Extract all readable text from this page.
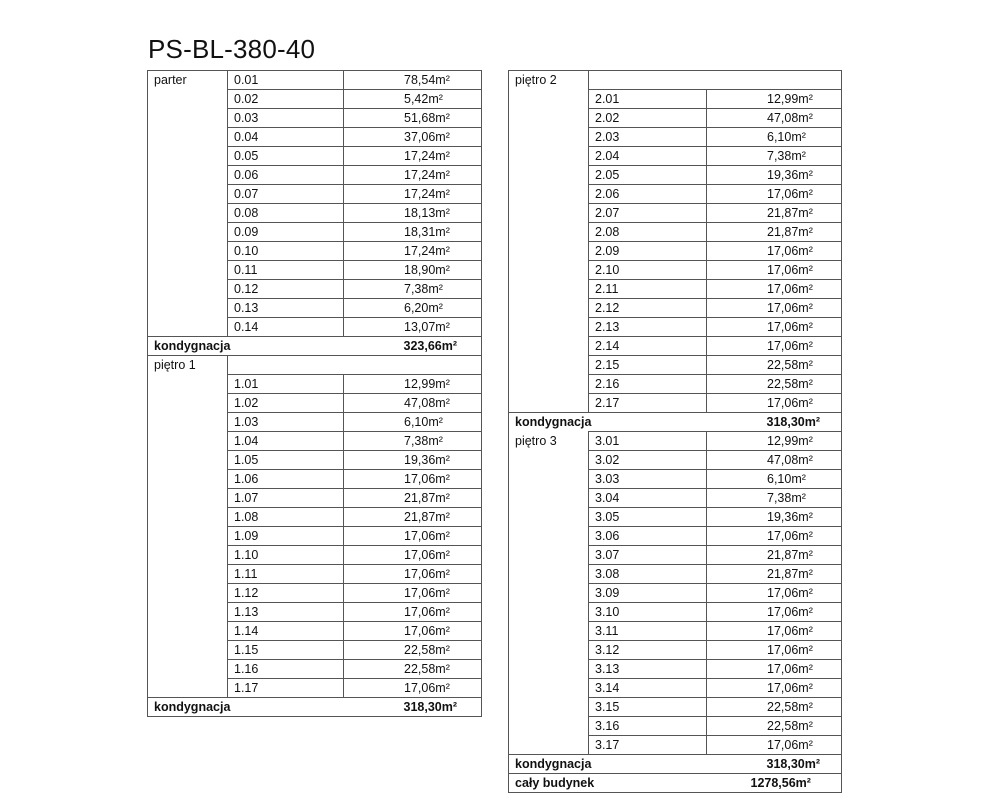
PS-BL-380-40
parter	0.01	78,54m²
	0.02	5,42m²
	0.03	51,68m²
	0.04	37,06m²
	0.05	17,24m²
	0.06	17,24m²
	0.07	17,24m²
	0.08	18,13m²
	0.09	18,31m²
	0.10	17,24m²
	0.11	18,90m²
	0.12	7,38m²
	0.13	6,20m²
	0.14	13,07m²
kondygnacja		323,66m²
piętro 1		
	1.01	12,99m²
	1.02	47,08m²
	1.03	6,10m²
	1.04	7,38m²
	1.05	19,36m²
	1.06	17,06m²
	1.07	21,87m²
	1.08	21,87m²
	1.09	17,06m²
	1.10	17,06m²
	1.11	17,06m²
	1.12	17,06m²
	1.13	17,06m²
	1.14	17,06m²
	1.15	22,58m²
	1.16	22,58m²
	1.17	17,06m²
kondygnacja		318,30m²
piętro 2		
	2.01	12,99m²
	2.02	47,08m²
	2.03	6,10m²
	2.04	7,38m²
	2.05	19,36m²
	2.06	17,06m²
	2.07	21,87m²
	2.08	21,87m²
	2.09	17,06m²
	2.10	17,06m²
	2.11	17,06m²
	2.12	17,06m²
	2.13	17,06m²
	2.14	17,06m²
	2.15	22,58m²
	2.16	22,58m²
	2.17	17,06m²
kondygnacja		318,30m²
piętro 3	3.01	12,99m²
	3.02	47,08m²
	3.03	6,10m²
	3.04	7,38m²
	3.05	19,36m²
	3.06	17,06m²
	3.07	21,87m²
	3.08	21,87m²
	3.09	17,06m²
	3.10	17,06m²
	3.11	17,06m²
	3.12	17,06m²
	3.13	17,06m²
	3.14	17,06m²
	3.15	22,58m²
	3.16	22,58m²
	3.17	17,06m²
kondygnacja		318,30m²
cały budynek		1278,56m²
